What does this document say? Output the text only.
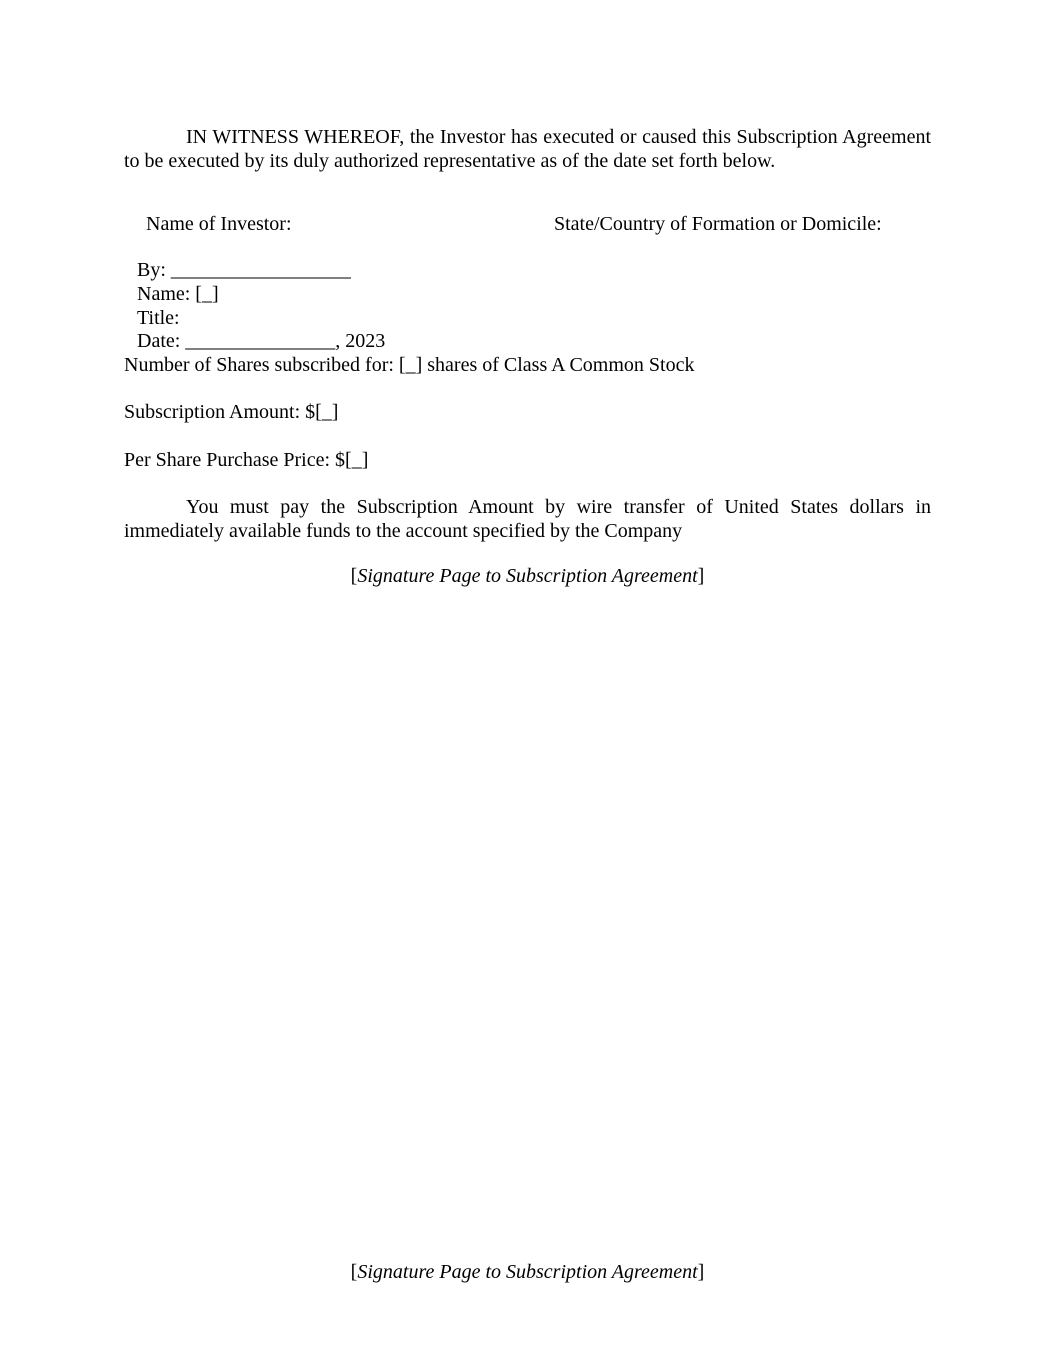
IN WITNESS WHEREOF, the Investor has executed or caused this Subscription Agreement to be executed by its duly authorized representative as of the date set forth below.

Name of Investor:	State/Country of Formation or Domicile:
By: __________________
Name: [_]
Title:
Date: _______________, 2023
Number of Shares subscribed for: [_] shares of Class A Common Stock
Subscription Amount: $[_]
Per Share Purchase Price: $[_]

You must pay the Subscription Amount by wire transfer of United States dollars in immediately available funds to the account specified by the Company

[Signature Page to Subscription Agreement]
[Signature Page to Subscription Agreement]
